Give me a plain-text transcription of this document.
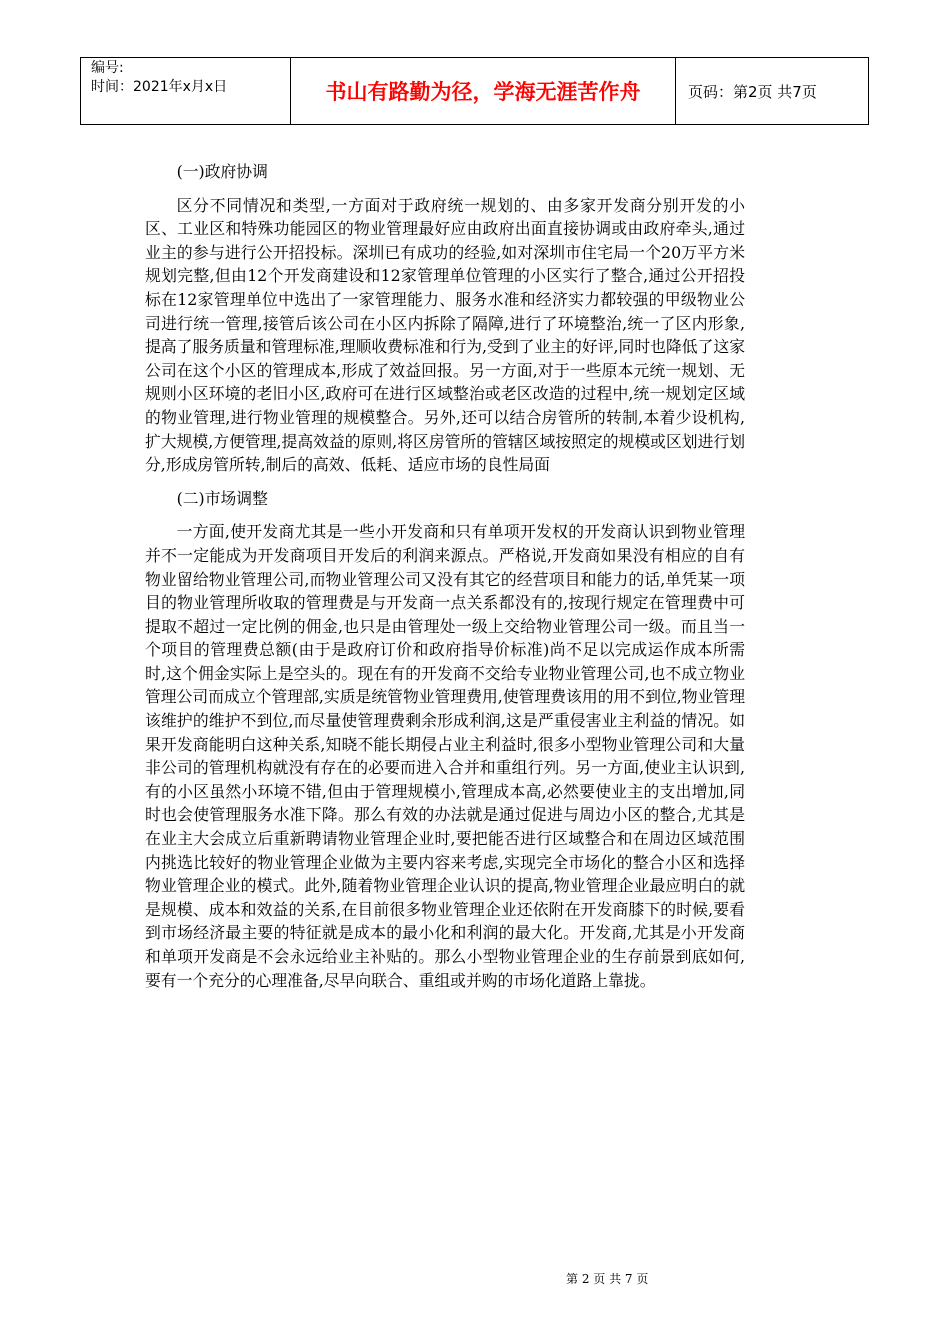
编号:
时间：2021年x月x日	书山有路勤为径，学海无涯苦作舟	页码：第2页 共7页

(一)政府协调

区分不同情况和类型,一方面对于政府统一规划的、由多家开发商分别开发的小区、工业区和特殊功能园区的物业管理最好应由政府出面直接协调或由政府牵头,通过业主的参与进行公开招投标。深圳已有成功的经验,如对深圳市住宅局一个20万平方米规划完整,但由12个开发商建设和12家管理单位管理的小区实行了整合,通过公开招投标在12家管理单位中选出了一家管理能力、服务水准和经济实力都较强的甲级物业公司进行统一管理,接管后该公司在小区内拆除了隔障,进行了环境整治,统一了区内形象,提高了服务质量和管理标准,理顺收费标准和行为,受到了业主的好评,同时也降低了这家公司在这个小区的管理成本,形成了效益回报。另一方面,对于一些原本元统一规划、无规则小区环境的老旧小区,政府可在进行区域整治或老区改造的过程中,统一规划定区域的物业管理,进行物业管理的规模整合。另外,还可以结合房管所的转制,本着少设机构,扩大规模,方便管理,提高效益的原则,将区房管所的管辖区域按照定的规模或区划进行划分,形成房管所转,制后的高效、低耗、适应市场的良性局面

(二)市场调整

一方面,使开发商尤其是一些小开发商和只有单项开发权的开发商认识到物业管理并不一定能成为开发商项目开发后的利润来源点。严格说,开发商如果没有相应的自有物业留给物业管理公司,而物业管理公司又没有其它的经营项目和能力的话,单凭某一项目的物业管理所收取的管理费是与开发商一点关系都没有的,按现行规定在管理费中可提取不超过一定比例的佣金,也只是由管理处一级上交给物业管理公司一级。而且当一个项目的管理费总额(由于是政府订价和政府指导价标准)尚不足以完成运作成本所需时,这个佣金实际上是空头的。现在有的开发商不交给专业物业管理公司,也不成立物业管理公司而成立个管理部,实质是统管物业管理费用,使管理费该用的用不到位,物业管理该维护的维护不到位,而尽量使管理费剩余形成利润,这是严重侵害业主利益的情况。如果开发商能明白这种关系,知晓不能长期侵占业主利益时,很多小型物业管理公司和大量非公司的管理机构就没有存在的必要而进入合并和重组行列。另一方面,使业主认识到,有的小区虽然小环境不错,但由于管理规模小,管理成本高,必然要使业主的支出增加,同时也会使管理服务水准下降。那么有效的办法就是通过促进与周边小区的整合,尤其是在业主大会成立后重新聘请物业管理企业时,要把能否进行区域整合和在周边区域范围内挑选比较好的物业管理企业做为主要内容来考虑,实现完全市场化的整合小区和选择物业管理企业的模式。此外,随着物业管理企业认识的提高,物业管理企业最应明白的就是规模、成本和效益的关系,在目前很多物业管理企业还依附在开发商膝下的时候,要看到市场经济最主要的特征就是成本的最小化和利润的最大化。开发商,尤其是小开发商和单项开发商是不会永远给业主补贴的。那么小型物业管理企业的生存前景到底如何,要有一个充分的心理准备,尽早向联合、重组或并购的市场化道路上靠拢。

第 2 页 共 7 页
